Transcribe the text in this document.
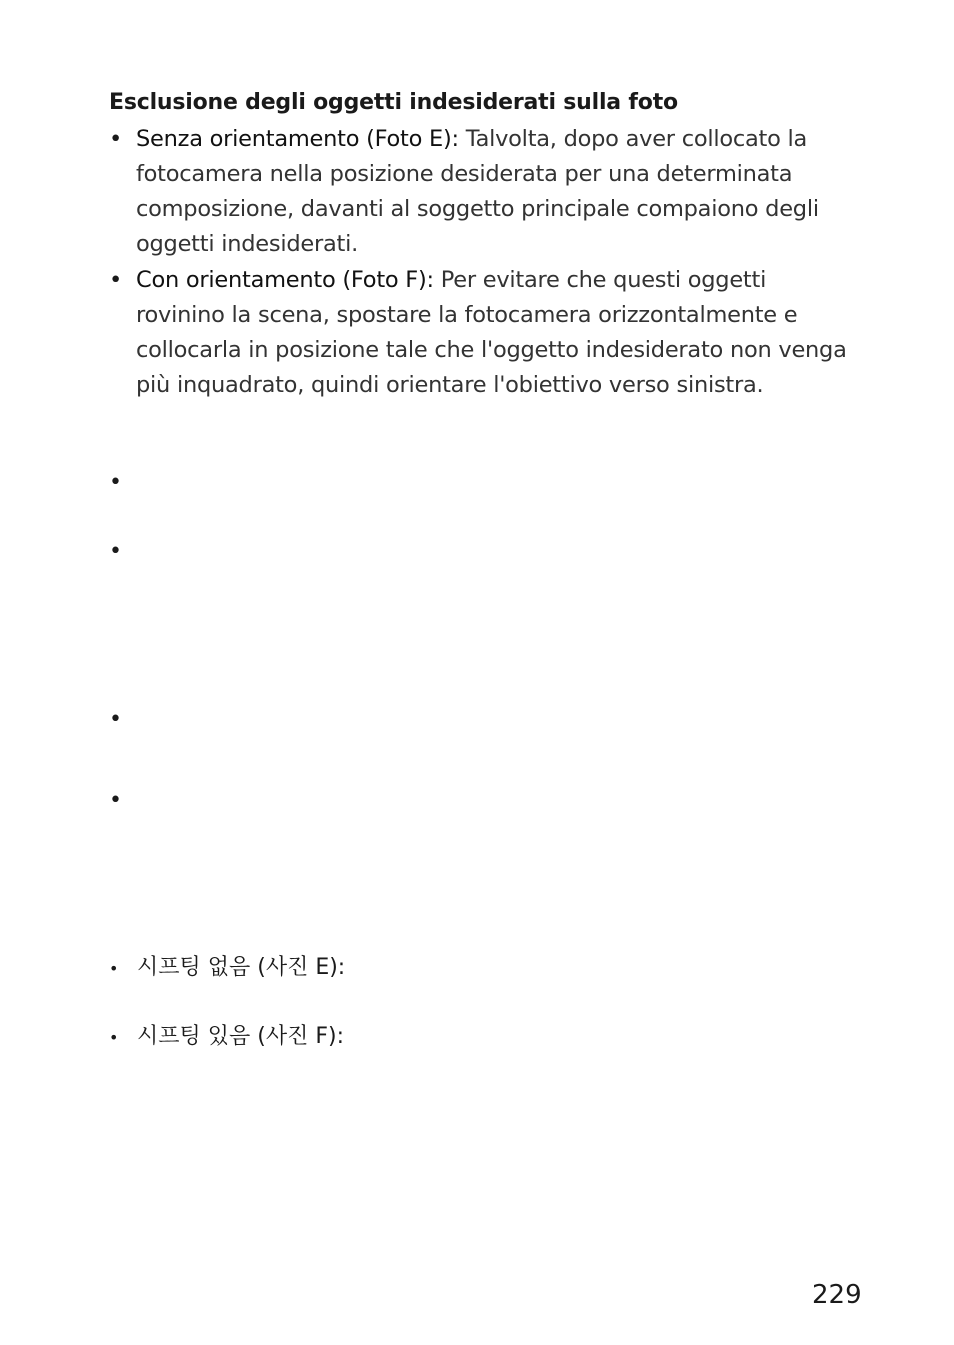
Esclusione degli oggetti indesiderati sulla foto
• Senza orientamento (Foto E): Talvolta, dopo aver collocato la fotocamera nella posizione desiderata per una determinata composizione, davanti al soggetto principale compaiono degli oggetti indesiderati.
• Con orientamento (Foto F): Per evitare che questi oggetti rovinino la scena, spostare la fotocamera orizzontalmente e collocarla in posizione tale che l'oggetto indesiderato non venga più inquadrato, quindi orientare l'obiettivo verso sinistra.
•
•
•
•
• 시프팅 없음 (사진 E):
• 시프팅 있음 (사진 F):
229
